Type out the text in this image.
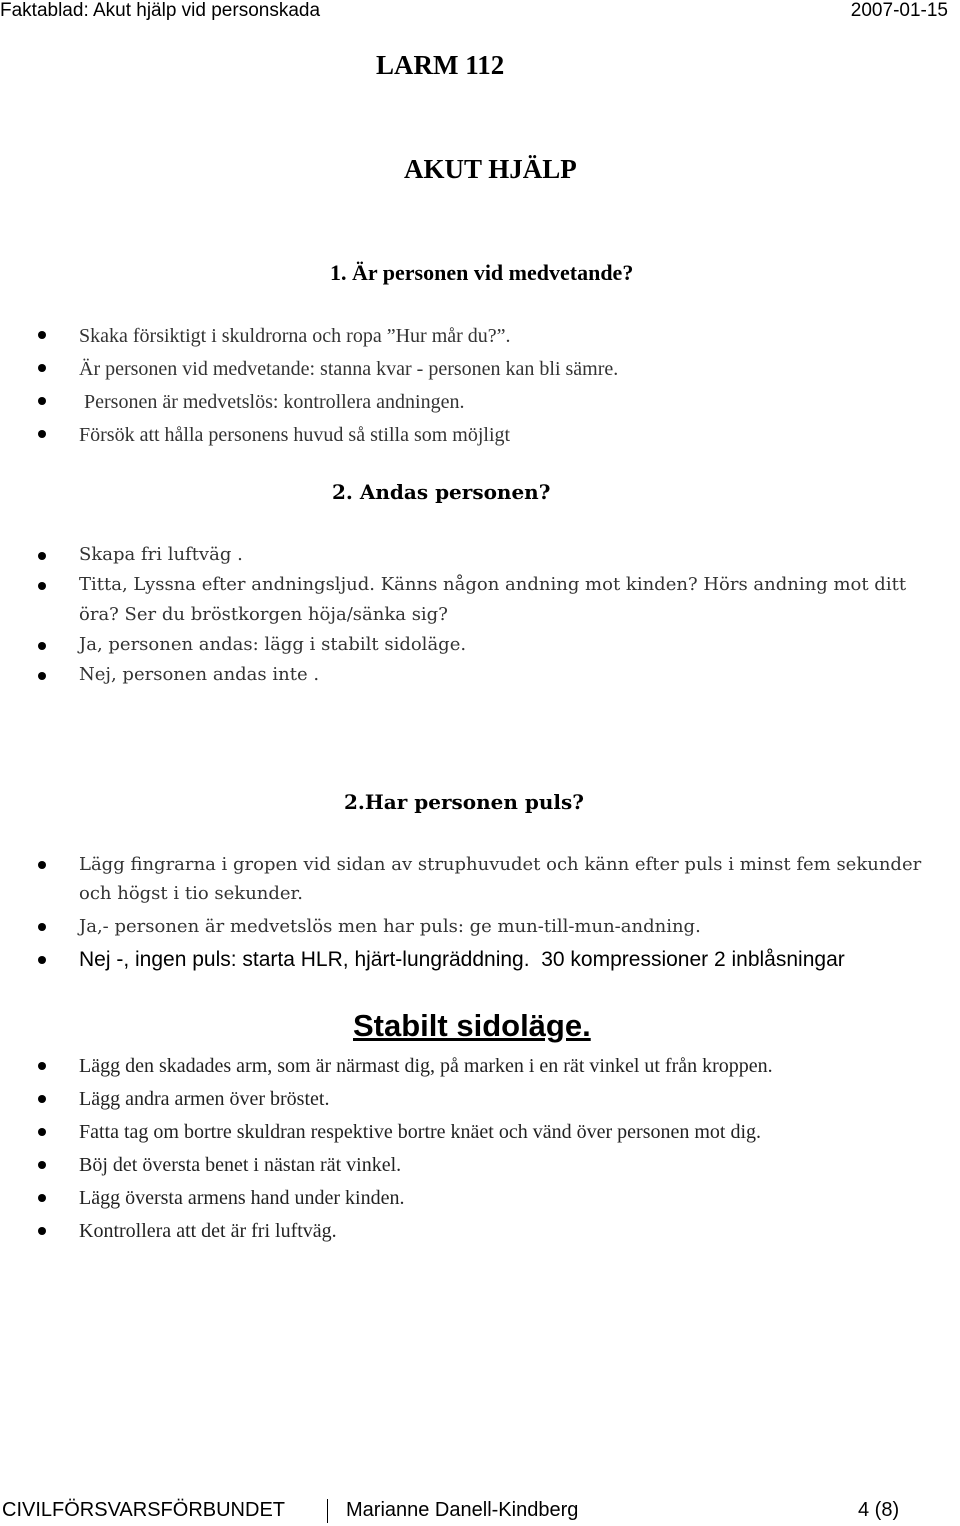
Faktablad: Akut hjälp vid personskada	2007-01-15
LARM 112
AKUT HJÄLP
1. Är personen vid medvetande?
Skaka försiktigt i skuldrorna och ropa ”Hur mår du?”.
Är personen vid medvetande: stanna kvar - personen kan bli sämre.
Personen är medvetslös: kontrollera andningen.
Försök att hålla personens huvud så stilla som möjligt
2. Andas personen?
Skapa fri luftväg .
Titta, Lyssna efter andningsljud. Känns någon andning mot kinden? Hörs andning mot ditt öra? Ser du bröstkorgen höja/sänka sig?
Ja, personen andas: lägg i stabilt sidoläge.
Nej, personen andas inte .
2.Har personen puls?
Lägg fingrarna i gropen vid sidan av struphuvudet och känn efter puls i minst fem sekunder och högst i tio sekunder.
Ja,- personen är medvetslös men har puls: ge mun-till-mun-andning.
Nej -, ingen puls: starta HLR, hjärt-lungräddning.  30 kompressioner 2 inblåsningar
Stabilt sidoläge.
Lägg den skadades arm, som är närmast dig, på marken i en rät vinkel ut från kroppen.
Lägg andra armen över bröstet.
Fatta tag om bortre skuldran respektive bortre knäet och vänd över personen mot dig.
Böj det översta benet i nästan rät vinkel.
Lägg översta armens hand under kinden.
Kontrollera att det är fri luftväg.
CIVILFÖRSVARSFÖRBUNDET	Marianne Danell-Kindberg	4 (8)
